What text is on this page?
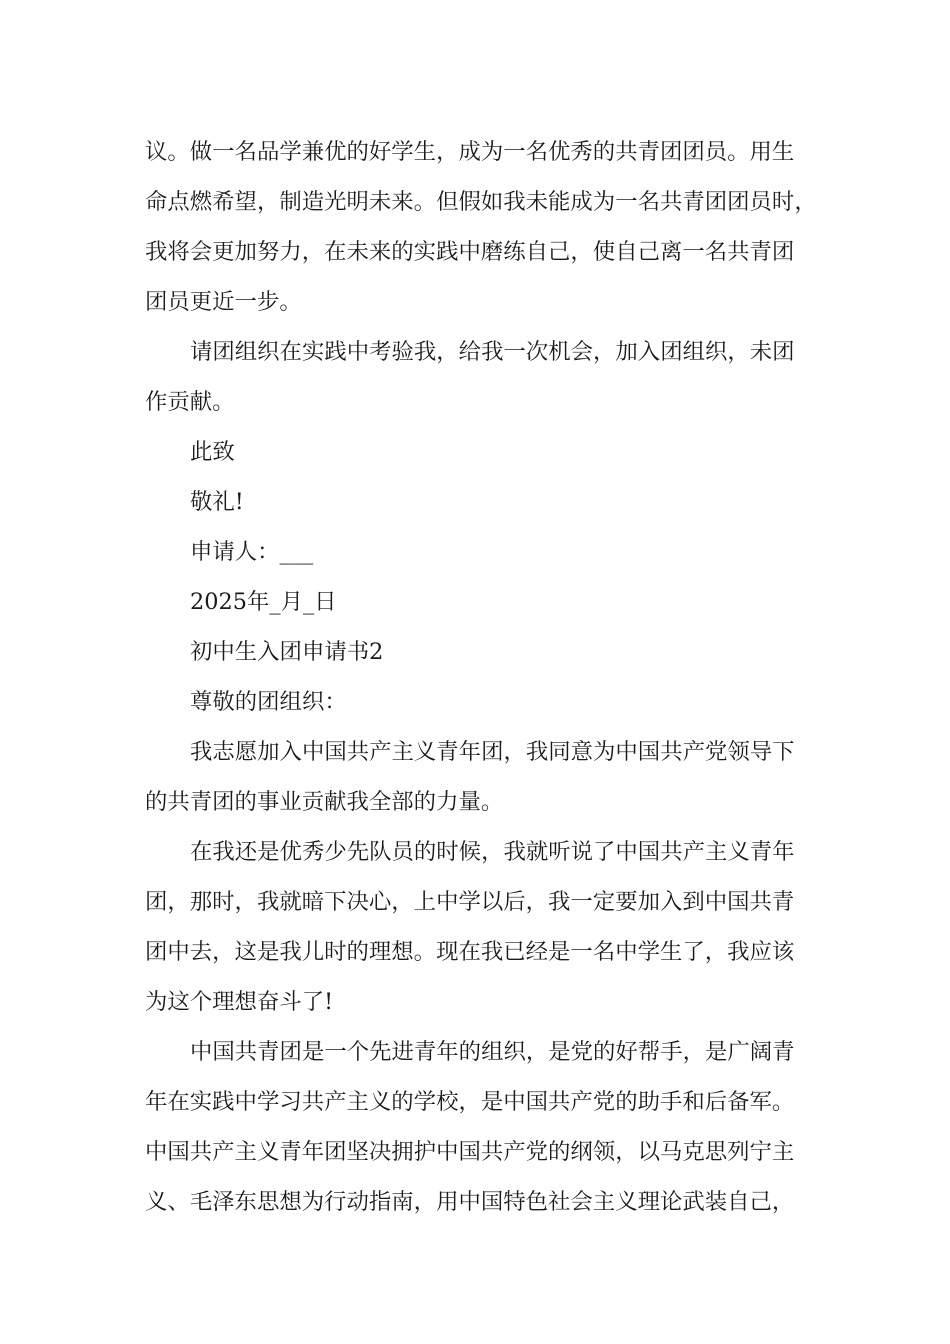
议。做一名品学兼优的好学生，成为一名优秀的共青团团员。用生
命点燃希望，制造光明未来。但假如我未能成为一名共青团团员时，
我将会更加努力，在未来的实践中磨练自己，使自己离一名共青团
团员更近一步。
请团组织在实践中考验我，给我一次机会，加入团组织，未团
作贡献。
此致
敬礼!
申请人：___
2025年_月_日
初中生入团申请书2
尊敬的团组织：
我志愿加入中国共产主义青年团，我同意为中国共产党领导下
的共青团的事业贡献我全部的力量。
在我还是优秀少先队员的时候，我就听说了中国共产主义青年
团，那时，我就暗下决心，上中学以后，我一定要加入到中国共青
团中去，这是我儿时的理想。现在我已经是一名中学生了，我应该
为这个理想奋斗了!
中国共青团是一个先进青年的组织，是党的好帮手，是广阔青
年在实践中学习共产主义的学校，是中国共产党的助手和后备军。
中国共产主义青年团坚决拥护中国共产党的纲领，以马克思列宁主
义、毛泽东思想为行动指南，用中国特色社会主义理论武装自己，
